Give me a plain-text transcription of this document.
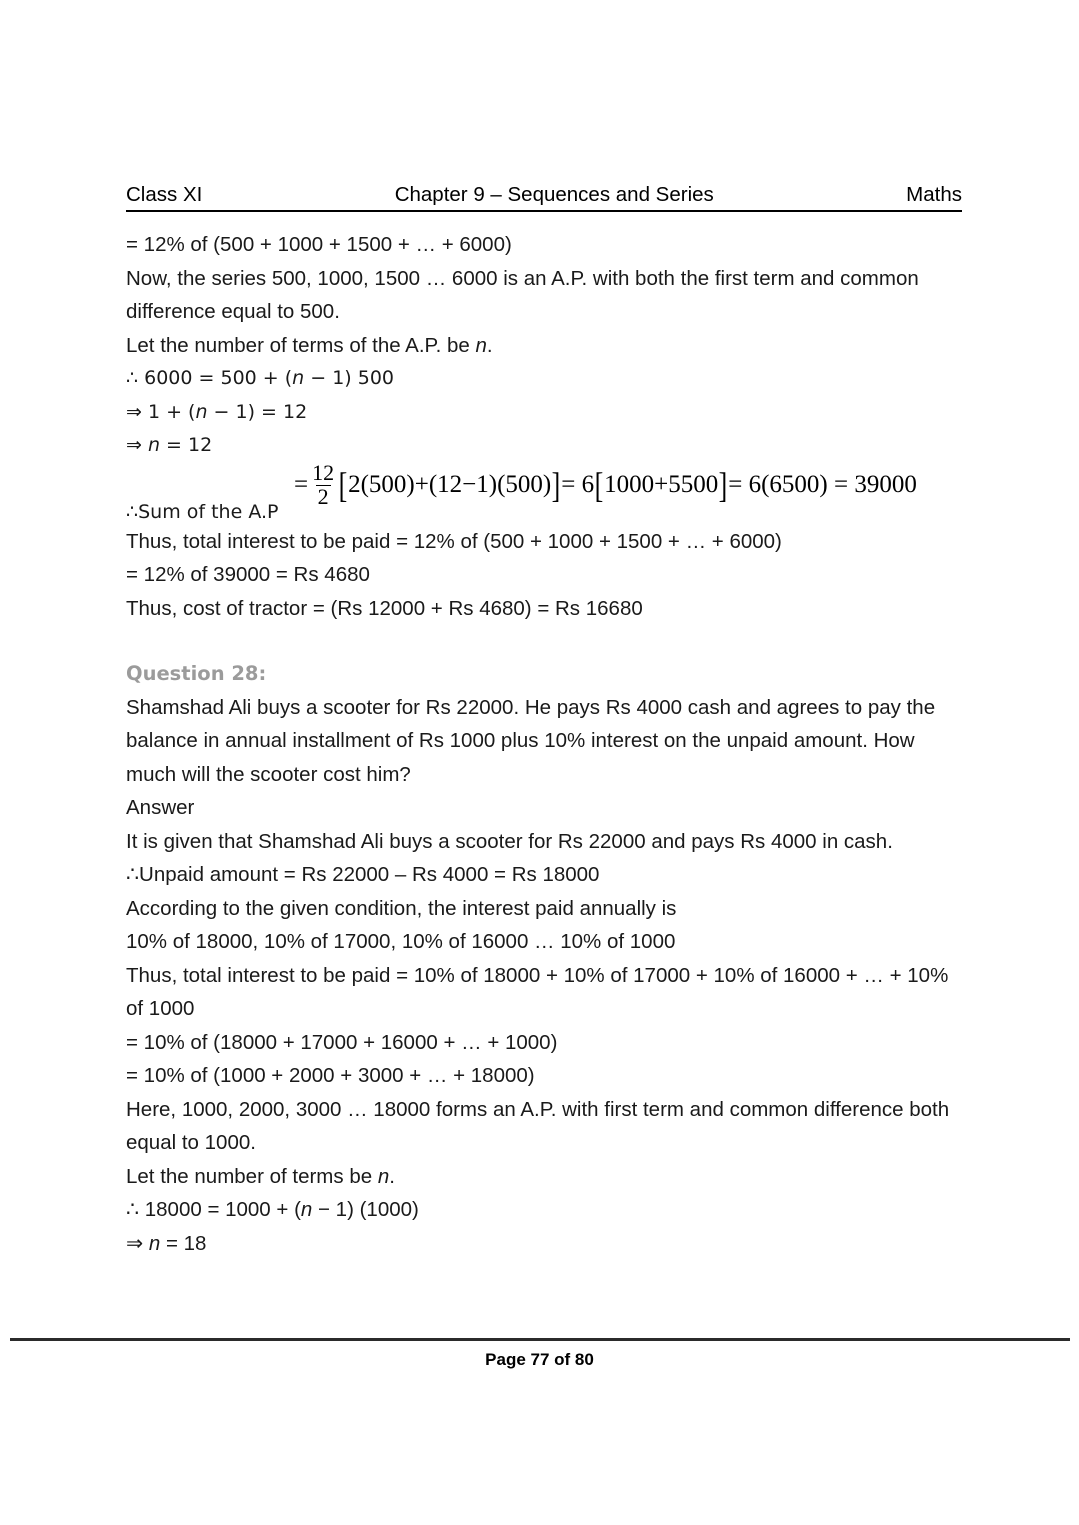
Class XI	Chapter 9 – Sequences and Series	Maths

= 12% of (500 + 1000 + 1500 + … + 6000)

Now, the series 500, 1000, 1500 … 6000 is an A.P. with both the first term and common difference equal to 500.

Let the number of terms of the A.P. be n.

∴ 6000 = 500 + (n − 1) 500

⇒ 1 + (n − 1) = 12

⇒ n = 12

∴Sum of the A.P
= $\frac{12}{2}$ [ 2(500)+(12−1)(500) ] = 6 [ 1000+5500 ] = 6(6500) = 39000

Thus, total interest to be paid = 12% of (500 + 1000 + 1500 + … + 6000)

= 12% of 39000 = Rs 4680

Thus, cost of tractor = (Rs 12000 + Rs 4680) = Rs 16680

Question 28:

Shamshad Ali buys a scooter for Rs 22000. He pays Rs 4000 cash and agrees to pay the balance in annual installment of Rs 1000 plus 10% interest on the unpaid amount. How much will the scooter cost him?

Answer

It is given that Shamshad Ali buys a scooter for Rs 22000 and pays Rs 4000 in cash.

∴Unpaid amount = Rs 22000 – Rs 4000 = Rs 18000

According to the given condition, the interest paid annually is

10% of 18000, 10% of 17000, 10% of 16000 … 10% of 1000

Thus, total interest to be paid = 10% of 18000 + 10% of 17000 + 10% of 16000 + … + 10% of 1000

= 10% of (18000 + 17000 + 16000 + … + 1000)

= 10% of (1000 + 2000 + 3000 + … + 18000)

Here, 1000, 2000, 3000 … 18000 forms an A.P. with first term and common difference both equal to 1000.

Let the number of terms be n.

∴ 18000 = 1000 + (n − 1) (1000)

⇒ n = 18

Page 77 of 80
